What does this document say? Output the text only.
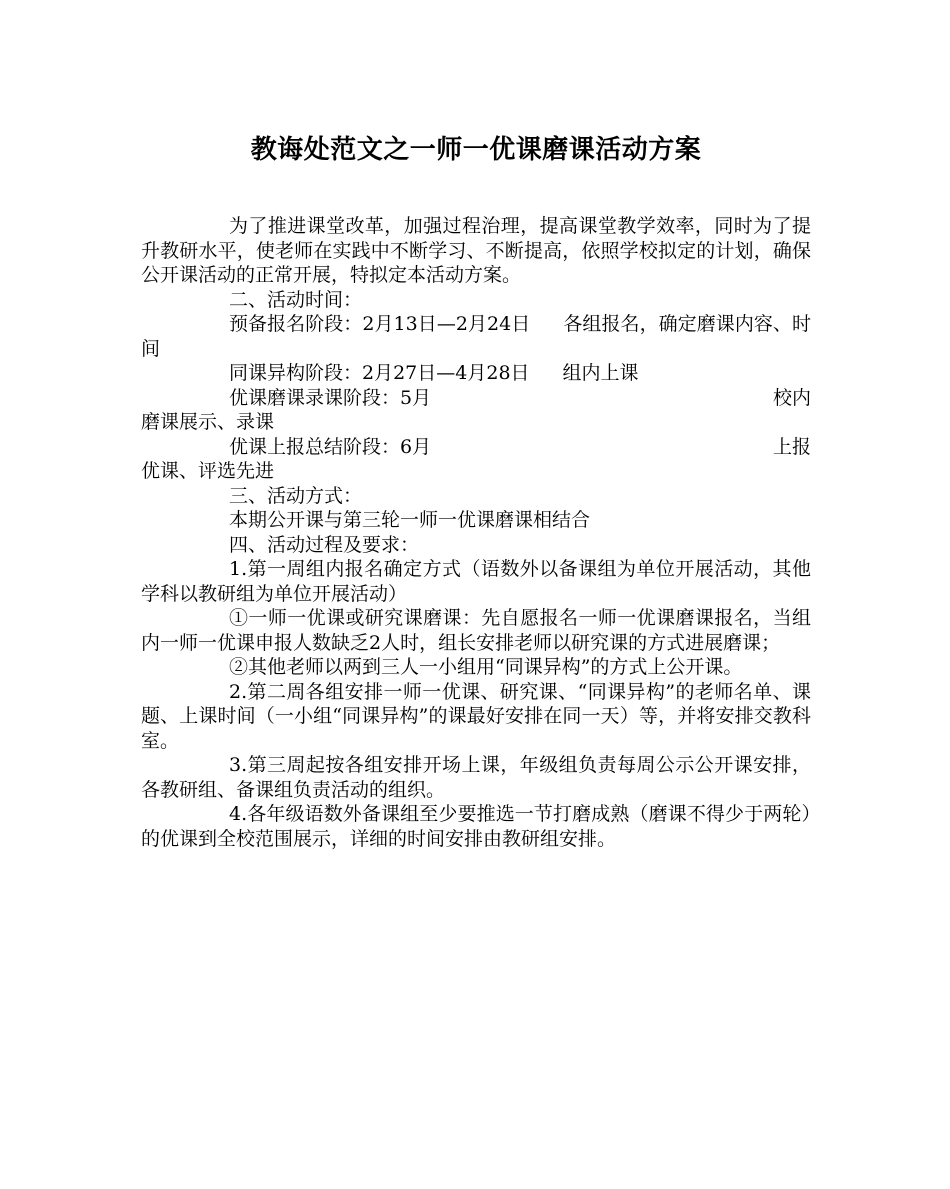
教诲处范文之一师一优课磨课活动方案

为了推进课堂改革，加强过程治理，提高课堂教学效率，同时为了提升教研水平，使老师在实践中不断学习、不断提高，依照学校拟定的计划，确保公开课活动的正常开展，特拟定本活动方案。

二、活动时间：

预备报名阶段：2月13日—2月24日 各组报名，确定磨课内容、时间

同课异构阶段：2月27日—4月28日 组内上课

校内
优课磨课录课阶段：5月

磨课展示、录课

上报
优课上报总结阶段：6月

优课、评选先进

三、活动方式：

本期公开课与第三轮一师一优课磨课相结合

四、活动过程及要求：

1.第一周组内报名确定方式（语数外以备课组为单位开展活动，其他学科以教研组为单位开展活动）

①一师一优课或研究课磨课：先自愿报名一师一优课磨课报名，当组内一师一优课申报人数缺乏2人时，组长安排老师以研究课的方式进展磨课；

②其他老师以两到三人一小组用“同课异构”的方式上公开课。

2.第二周各组安排一师一优课、研究课、“同课异构”的老师名单、课题、上课时间（一小组“同课异构”的课最好安排在同一天）等，并将安排交教科室。

3.第三周起按各组安排开场上课，年级组负责每周公示公开课安排，各教研组、备课组负责活动的组织。

4.各年级语数外备课组至少要推选一节打磨成熟（磨课不得少于两轮）的优课到全校范围展示，详细的时间安排由教研组安排。
